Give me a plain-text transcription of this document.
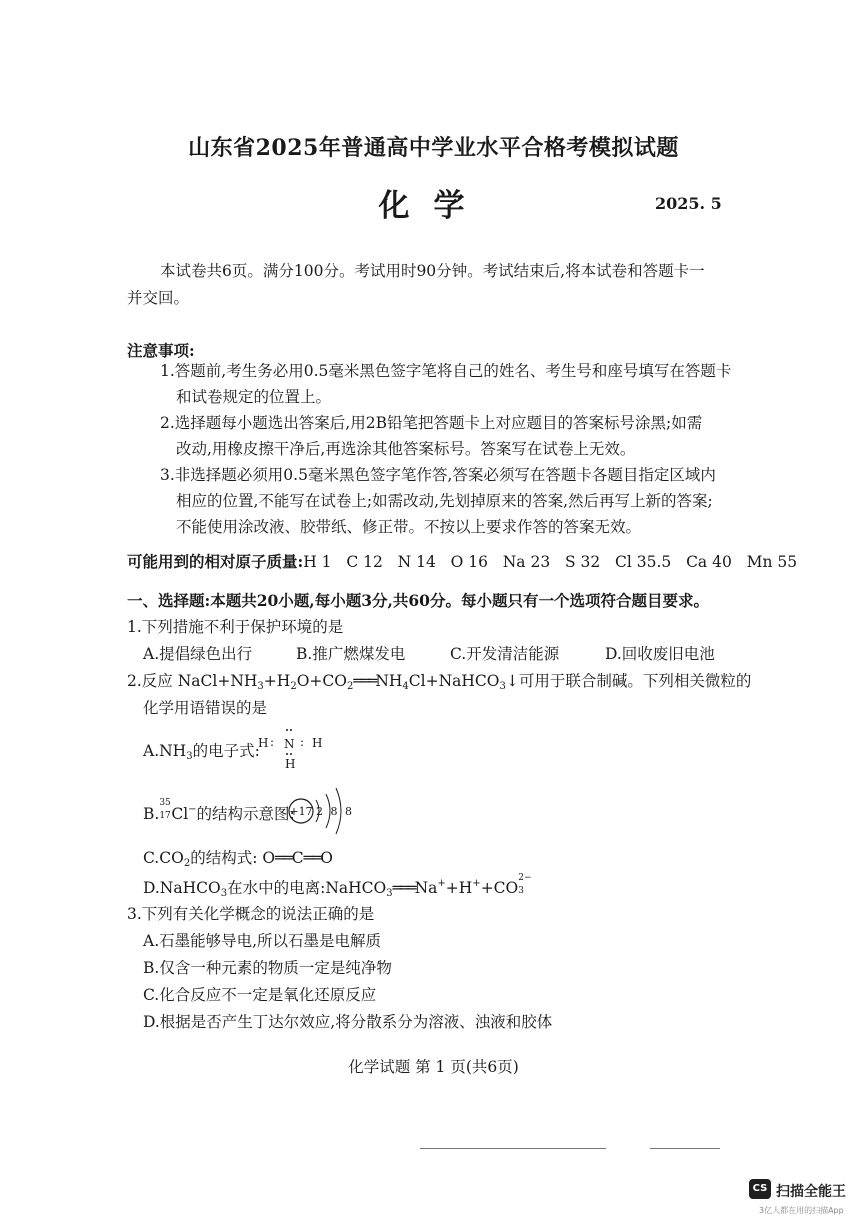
山东省2025年普通高中学业水平合格考模拟试题
化学	2025. 5
本试卷共6页。满分100分。考试用时90分钟。考试结束后,将本试卷和答题卡一
并交回。
注意事项:
1.答题前,考生务必用0.5毫米黑色签字笔将自己的姓名、考生号和座号填写在答题卡
和试卷规定的位置上。
2.选择题每小题选出答案后,用2B铅笔把答题卡上对应题目的答案标号涂黑;如需
改动,用橡皮擦干净后,再选涂其他答案标号。答案写在试卷上无效。
3.非选择题必须用0.5毫米黑色签字笔作答,答案必须写在答题卡各题目指定区域内
相应的位置,不能写在试卷上;如需改动,先划掉原来的答案,然后再写上新的答案;
不能使用涂改液、胶带纸、修正带。不按以上要求作答的答案无效。
可能用到的相对原子质量:H 1   C 12   N 14   O 16   Na 23   S 32   Cl 35.5   Ca 40   Mn 55
一、选择题:本题共20小题,每小题3分,共60分。每小题只有一个选项符合题目要求。
1.下列措施不利于保护环境的是
A.提倡绿色出行	B.推广燃煤发电	C.开发清洁能源	D.回收废旧电池
2.反应 $NaCl+NH_3+H_2O+CO_2═══NH_4Cl+NaHCO_3↓$可用于联合制碱。下列相关微粒的
化学用语错误的是
$A.NH_3$的电子式:
H : N : H
H
B.
35
17 Cl−的结构示意图:
+17 2 8 8
$C.CO_2$的结构式: O══C══O
D.NaHCO$_3$在水中的电离:NaHCO$_3$═══Na++H++CO
2−
3
3.下列有关化学概念的说法正确的是
A.石墨能够导电,所以石墨是电解质
B.仅含一种元素的物质一定是纯净物
C.化合反应不一定是氧化还原反应
D.根据是否产生丁达尔效应,将分散系分为溶液、浊液和胶体
化学试题 第 1 页(共6页)
CS 扫描全能王
3亿人都在用的扫描App
